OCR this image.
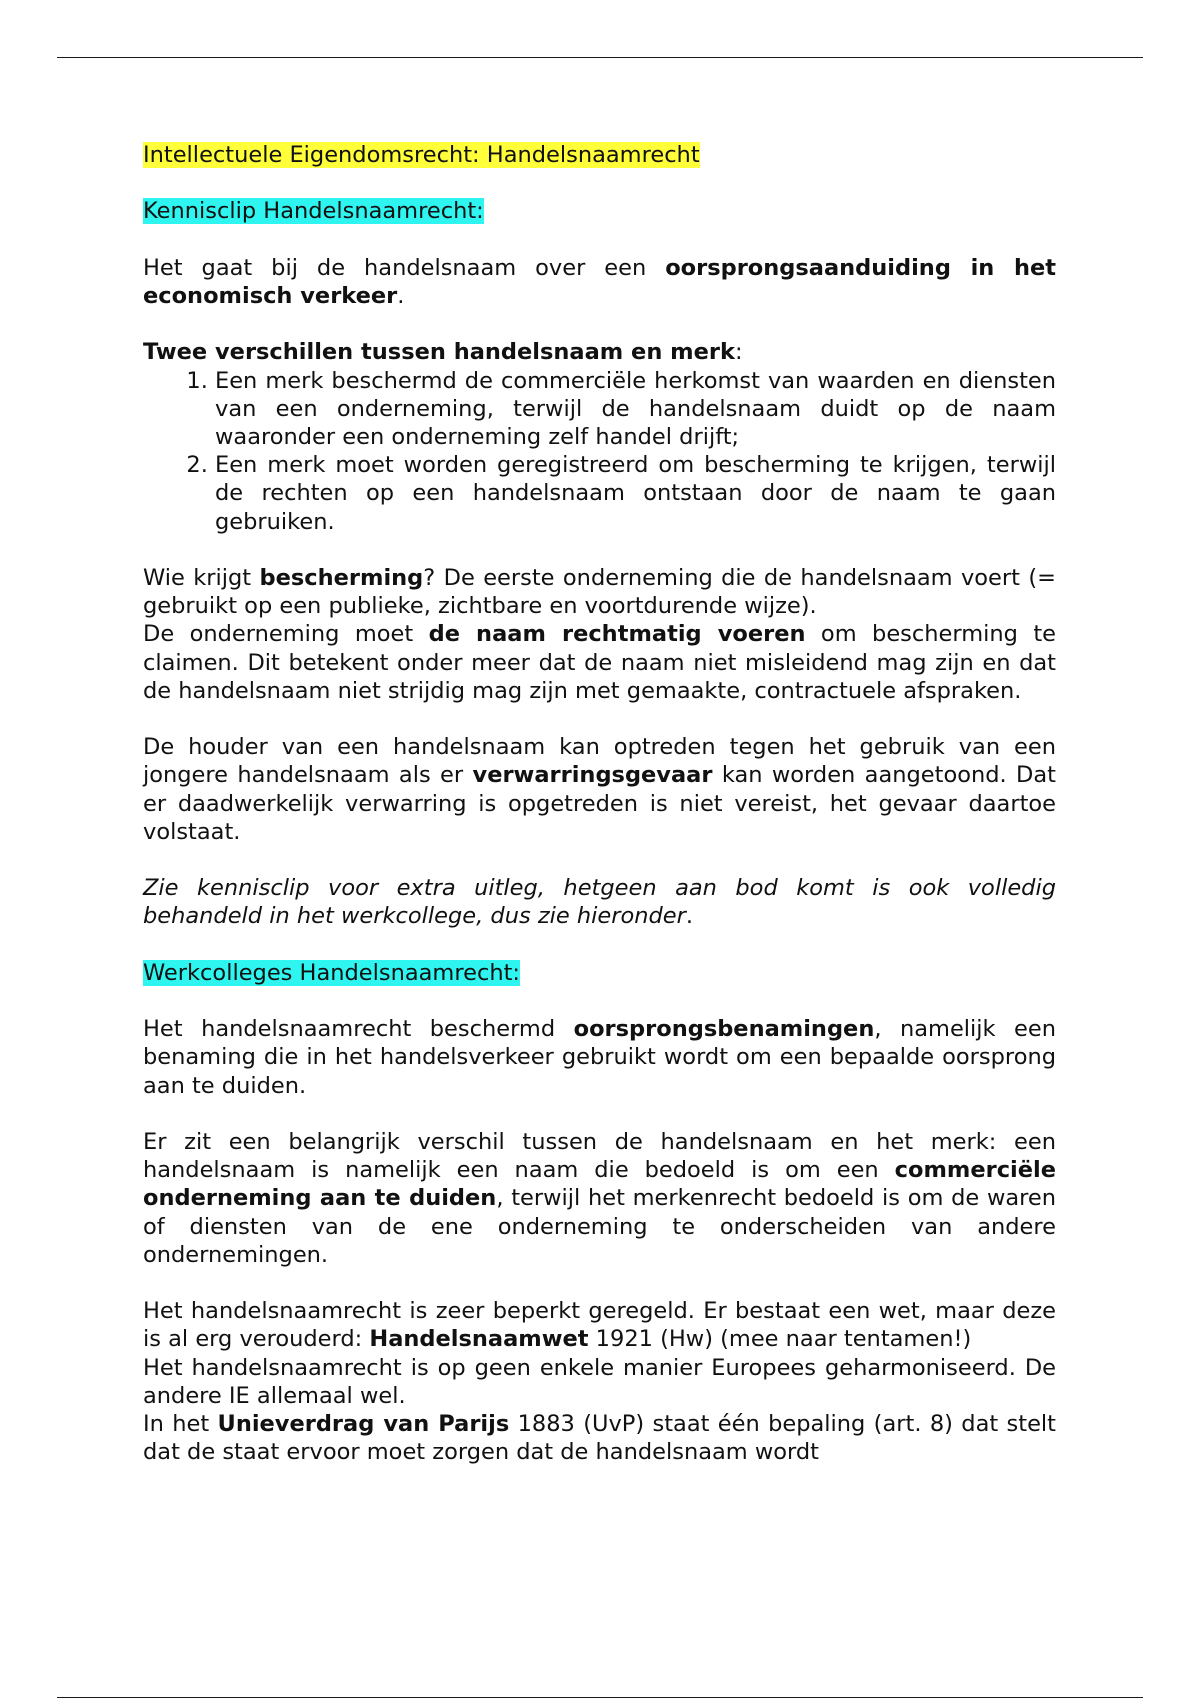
Intellectuele Eigendomsrecht: Handelsnaamrecht

Kennisclip Handelsnaamrecht:

Het gaat bij de handelsnaam over een oorsprongsaanduiding in het economisch verkeer.

Twee verschillen tussen handelsnaam en merk:

1. Een merk beschermd de commerciële herkomst van waarden en diensten van een onderneming, terwijl de handelsnaam duidt op de naam waaronder een onderneming zelf handel drijft;
2. Een merk moet worden geregistreerd om bescherming te krijgen, terwijl de rechten op een handelsnaam ontstaan door de naam te gaan gebruiken.

Wie krijgt bescherming? De eerste onderneming die de handelsnaam voert (= gebruikt op een publieke, zichtbare en voortdurende wijze).

De onderneming moet de naam rechtmatig voeren om bescherming te claimen. Dit betekent onder meer dat de naam niet misleidend mag zijn en dat de handelsnaam niet strijdig mag zijn met gemaakte, contractuele afspraken.

De houder van een handelsnaam kan optreden tegen het gebruik van een jongere handelsnaam als er verwarringsgevaar kan worden aangetoond. Dat er daadwerkelijk verwarring is opgetreden is niet vereist, het gevaar daartoe volstaat.

Zie kennisclip voor extra uitleg, hetgeen aan bod komt is ook volledig behandeld in het werkcollege, dus zie hieronder.

Werkcolleges Handelsnaamrecht:

Het handelsnaamrecht beschermd oorsprongsbenamingen, namelijk een benaming die in het handelsverkeer gebruikt wordt om een bepaalde oorsprong aan te duiden.

Er zit een belangrijk verschil tussen de handelsnaam en het merk: een handelsnaam is namelijk een naam die bedoeld is om een commerciële onderneming aan te duiden, terwijl het merkenrecht bedoeld is om de waren of diensten van de ene onderneming te onderscheiden van andere ondernemingen.

Het handelsnaamrecht is zeer beperkt geregeld. Er bestaat een wet, maar deze is al erg verouderd: Handelsnaamwet 1921 (Hw) (mee naar tentamen!)

Het handelsnaamrecht is op geen enkele manier Europees geharmoniseerd. De andere IE allemaal wel.

In het Unieverdrag van Parijs 1883 (UvP) staat één bepaling (art. 8) dat stelt dat de staat ervoor moet zorgen dat de handelsnaam wordt
